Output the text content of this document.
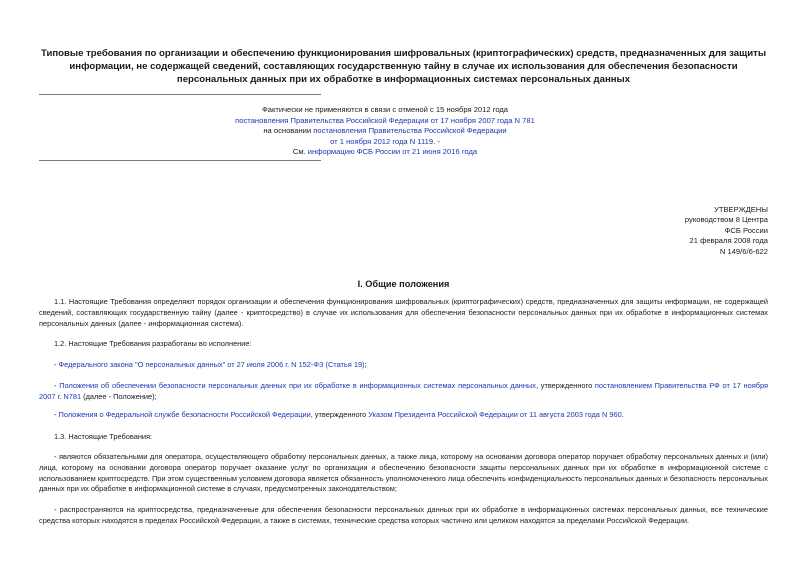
Типовые требования по организации и обеспечению функционирования шифровальных (криптографических) средств, предназначенных для защиты информации, не содержащей сведений, составляющих государственную тайну в случае их использования для обеспечения безопасности персональных данных при их обработке в информационных системах персональных данных
Фактически не применяются в связи с отменой с 15 ноября 2012 года
постановления Правительства Российской Федерации от 17 ноября 2007 года N 781
на основании постановления Правительства Российской Федерации
от 1 ноября 2012 года N 1119. -
См. информацию ФСБ России от 21 июня 2016 года
УТВЕРЖДЕНЫ
руководством 8 Центра
ФСБ России
21 февраля 2008 года
N 149/6/6-622
I. Общие положения

1.1. Настоящие Требования определяют порядок организации и обеспечения функционирования шифровальных (криптографических) средств, предназначенных для защиты информации, не содержащей сведений, составляющих государственную тайну (далее - криптосредство) в случае их использования для обеспечения безопасности персональных данных при их обработке в информационных системах персональных данных (далее - информационная система).

1.2. Настоящие Требования разработаны во исполнение:

- Федерального закона "О персональных данных" от 27 июля 2006 г. N 152-ФЗ (Статья 19);

- Положения об обеспечении безопасности персональных данных при их обработке в информационных системах персональных данных, утвержденного постановлением Правительства РФ от 17 ноября 2007 г. N781 (далее - Положение);

- Положения о Федеральной службе безопасности Российской Федерации, утвержденного Указом Президента Российской Федерации от 11 августа 2003 года N 960.

1.3. Настоящие Требования:

- являются обязательными для оператора, осуществляющего обработку персональных данных, а также лица, которому на основании договора оператор поручает обработку персональных данных и (или) лица, которому на основании договора оператор поручает оказание услуг по организации и обеспечению безопасности защиты персональных данных при их обработке в информационной системе с использованием криптосредств. При этом существенным условием договора является обязанность уполномоченного лица обеспечить конфиденциальность персональных данных и безопасность персональных данных при их обработке в информационной системе в случаях, предусмотренных законодательством;

- распространяются на криптосредства, предназначенные для обеспечения безопасности персональных данных при их обработке в информационных системах персональных данных, все технические средства которых находятся в пределах Российской Федерации, а также в системах, технические средства которых частично или целиком находятся за пределами Российской Федерации.
